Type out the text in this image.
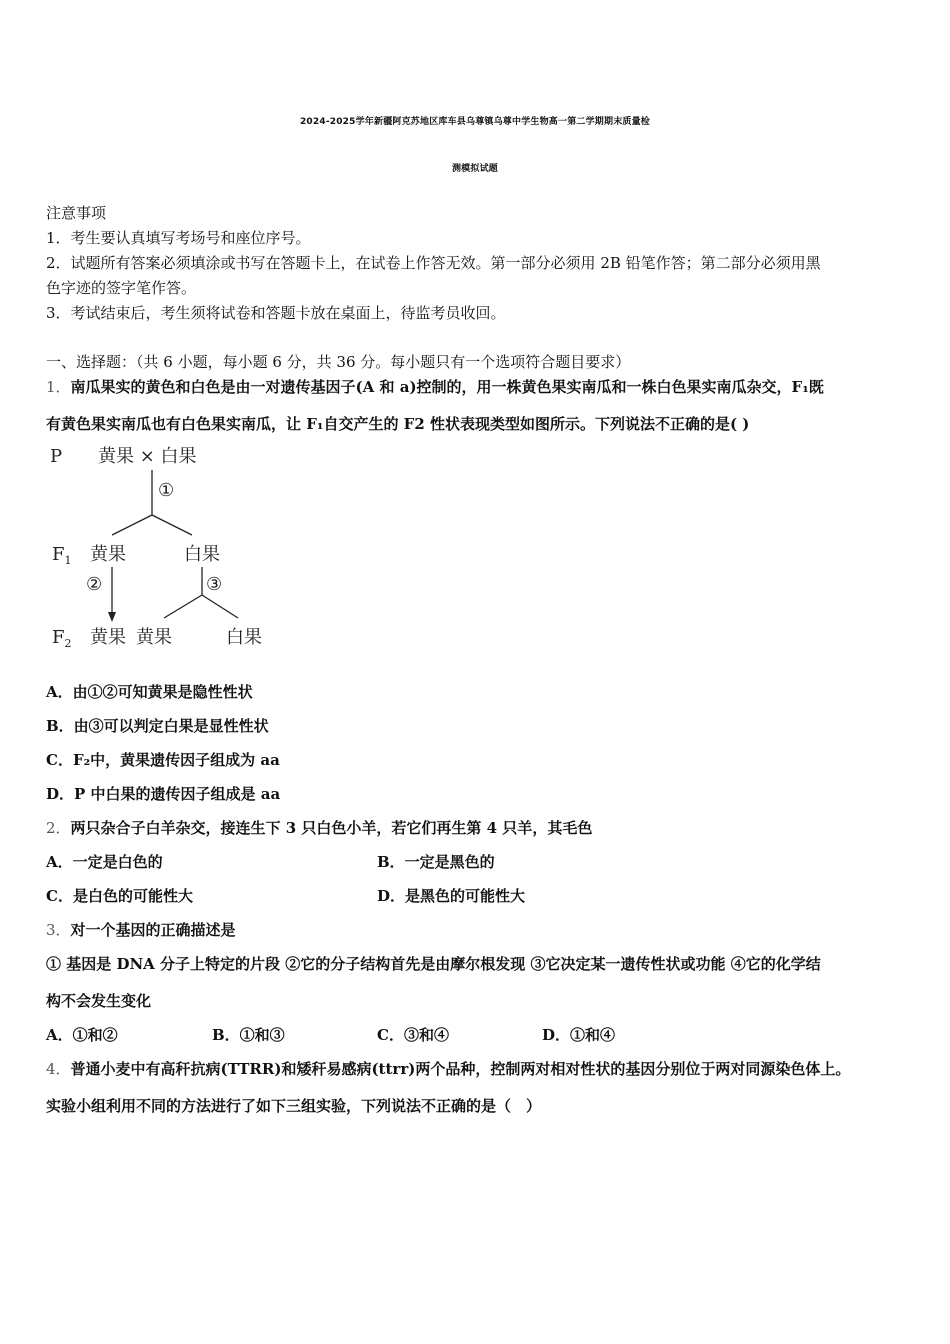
2024-2025学年新疆阿克苏地区库车县乌尊镇乌尊中学生物高一第二学期期末质量检
测模拟试题
注意事项
1．考生要认真填写考场号和座位序号。
2．试题所有答案必须填涂或书写在答题卡上，在试卷上作答无效。第一部分必须用 2B 铅笔作答；第二部分必须用黑
色字迹的签字笔作答。
3．考试结束后，考生须将试卷和答题卡放在桌面上，待监考员收回。
一、选择题：（共 6 小题，每小题 6 分，共 36 分。每小题只有一个选项符合题目要求）
1．南瓜果实的黄色和白色是由一对遗传基因子(A 和 a)控制的，用一株黄色果实南瓜和一株白色果实南瓜杂交，F₁既
有黄色果实南瓜也有白色果实南瓜，让 F₁自交产生的 F2 性状表现类型如图所示。下列说法不正确的是( )
P 黄果 × 白果
①
$F_1$ 黄果	白果
②	③
$F_2$ 黄果 黄果	白果
A．由①②可知黄果是隐性性状
B．由③可以判定白果是显性性状
C．F₂中，黄果遗传因子组成为 aa
D．P 中白果的遗传因子组成是 aa
2．两只杂合子白羊杂交，接连生下 3 只白色小羊，若它们再生第 4 只羊，其毛色
A．一定是白色的	B．一定是黑色的
C．是白色的可能性大	D．是黑色的可能性大
3．对一个基因的正确描述是
① 基因是 DNA 分子上特定的片段 ②它的分子结构首先是由摩尔根发现 ③它决定某一遗传性状或功能 ④它的化学结
构不会发生变化
A．①和②	B．①和③	C．③和④	D．①和④
4．普通小麦中有高秆抗病(TTRR)和矮秆易感病(ttrr)两个品种，控制两对相对性状的基因分别位于两对同源染色体上。
实验小组利用不同的方法进行了如下三组实验，下列说法不正确的是（　）
